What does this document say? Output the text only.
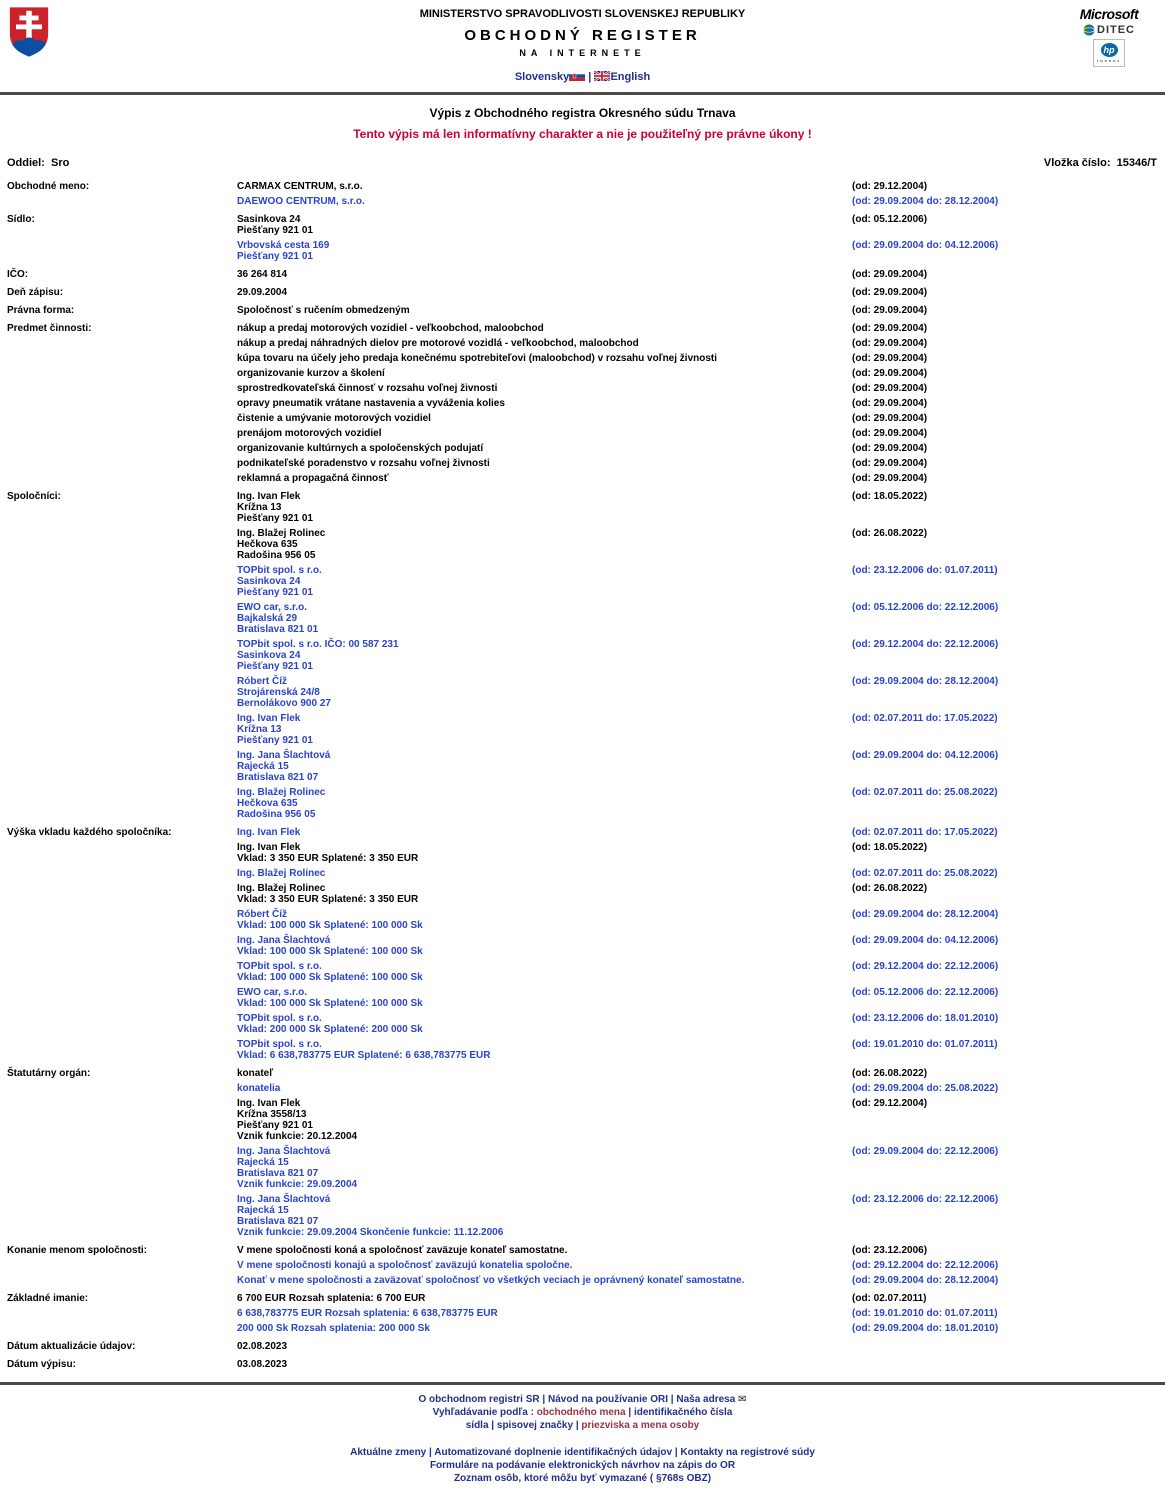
MINISTERSTVO SPRAVODLIVOSTI SLOVENSKEJ REPUBLIKY
OBCHODNÝ REGISTER
NA INTERNETE
Slovensky | English
Microsoft
DITEC
hp
invent
Výpis z Obchodného registra Okresného súdu Trnava
Tento výpis má len informatívny charakter a nie je použiteľný pre právne úkony !
Oddiel: Sro	Vložka číslo: 15346/T
Obchodné meno:	CARMAX CENTRUM, s.r.o.	(od: 29.12.2004)
DAEWOO CENTRUM, s.r.o.	(od: 29.09.2004 do: 28.12.2004)
Sídlo:	Sasinkova 24
Piešťany 921 01
(od: 05.12.2006)
Vrbovská cesta 169
Piešťany 921 01
(od: 29.09.2004 do: 04.12.2006)
IČO:	36 264 814	(od: 29.09.2004)
Deň zápisu:	29.09.2004	(od: 29.09.2004)
Právna forma:	Spoločnosť s ručením obmedzeným	(od: 29.09.2004)
Predmet činnosti:	nákup a predaj motorových vozidiel - veľkoobchod, maloobchod	(od: 29.09.2004)
nákup a predaj náhradných dielov pre motorové vozidlá - veľkoobchod, maloobchod	(od: 29.09.2004)
kúpa tovaru na účely jeho predaja konečnému spotrebiteľovi (maloobchod) v rozsahu voľnej živnosti	(od: 29.09.2004)
organizovanie kurzov a školení	(od: 29.09.2004)
sprostredkovateľská činnosť v rozsahu voľnej živnosti	(od: 29.09.2004)
opravy pneumatik vrátane nastavenia a vyváženia kolies	(od: 29.09.2004)
čistenie a umývanie motorových vozidiel	(od: 29.09.2004)
prenájom motorových vozidiel	(od: 29.09.2004)
organizovanie kultúrnych a spoločenských podujatí	(od: 29.09.2004)
podnikateľské poradenstvo v rozsahu voľnej živnosti	(od: 29.09.2004)
reklamná a propagačná činnosť	(od: 29.09.2004)
Spoločníci:	Ing. Ivan Flek
Krížna 13
Piešťany 921 01
(od: 18.05.2022)
Ing. Blažej Rolinec
Hečkova 635
Radošina 956 05
(od: 26.08.2022)
TOPbit spol. s r.o.
Sasinkova 24
Piešťany 921 01
(od: 23.12.2006 do: 01.07.2011)
EWO car, s.r.o.
Bajkalská 29
Bratislava 821 01
(od: 05.12.2006 do: 22.12.2006)
TOPbit spol. s r.o. IČO: 00 587 231
Sasinkova 24
Piešťany 921 01
(od: 29.12.2004 do: 22.12.2006)
Róbert Číž
Strojárenská 24/8
Bernolákovo 900 27
(od: 29.09.2004 do: 28.12.2004)
Ing. Ivan Flek
Krížna 13
Piešťany 921 01
(od: 02.07.2011 do: 17.05.2022)
Ing. Jana Šlachtová
Rajecká 15
Bratislava 821 07
(od: 29.09.2004 do: 04.12.2006)
Ing. Blažej Rolinec
Hečkova 635
Radošina 956 05
(od: 02.07.2011 do: 25.08.2022)
Výška vkladu každého spoločníka:	Ing. Ivan Flek	(od: 02.07.2011 do: 17.05.2022)
Ing. Ivan Flek
Vklad: 3 350 EUR Splatené: 3 350 EUR
(od: 18.05.2022)
Ing. Blažej Rolinec	(od: 02.07.2011 do: 25.08.2022)
Ing. Blažej Rolinec
Vklad: 3 350 EUR Splatené: 3 350 EUR
(od: 26.08.2022)
Róbert Číž
Vklad: 100 000 Sk Splatené: 100 000 Sk
(od: 29.09.2004 do: 28.12.2004)
Ing. Jana Šlachtová
Vklad: 100 000 Sk Splatené: 100 000 Sk
(od: 29.09.2004 do: 04.12.2006)
TOPbit spol. s r.o.
Vklad: 100 000 Sk Splatené: 100 000 Sk
(od: 29.12.2004 do: 22.12.2006)
EWO car, s.r.o.
Vklad: 100 000 Sk Splatené: 100 000 Sk
(od: 05.12.2006 do: 22.12.2006)
TOPbit spol. s r.o.
Vklad: 200 000 Sk Splatené: 200 000 Sk
(od: 23.12.2006 do: 18.01.2010)
TOPbit spol. s r.o.
Vklad: 6 638,783775 EUR Splatené: 6 638,783775 EUR
(od: 19.01.2010 do: 01.07.2011)
Štatutárny orgán:	konateľ	(od: 26.08.2022)
konatelia	(od: 29.09.2004 do: 25.08.2022)
Ing. Ivan Flek
Krížna 3558/13
Piešťany 921 01
Vznik funkcie: 20.12.2004
(od: 29.12.2004)
Ing. Jana Šlachtová
Rajecká 15
Bratislava 821 07
Vznik funkcie: 29.09.2004
(od: 29.09.2004 do: 22.12.2006)
Ing. Jana Šlachtová
Rajecká 15
Bratislava 821 07
Vznik funkcie: 29.09.2004 Skončenie funkcie: 11.12.2006
(od: 23.12.2006 do: 22.12.2006)
Konanie menom spoločnosti:	V mene spoločnosti koná a spoločnosť zaväzuje konateľ samostatne.	(od: 23.12.2006)
V mene spoločnosti konajú a spoločnosť zaväzujú konatelia spoločne.	(od: 29.12.2004 do: 22.12.2006)
Konať v mene spoločnosti a zaväzovať spoločnosť vo všetkých veciach je oprávnený konateľ samostatne.	(od: 29.09.2004 do: 28.12.2004)
Základné imanie:	6 700 EUR Rozsah splatenia: 6 700 EUR	(od: 02.07.2011)
6 638,783775 EUR Rozsah splatenia: 6 638,783775 EUR	(od: 19.01.2010 do: 01.07.2011)
200 000 Sk Rozsah splatenia: 200 000 Sk	(od: 29.09.2004 do: 18.01.2010)
Dátum aktualizácie údajov:	02.08.2023
Dátum výpisu:	03.08.2023
O obchodnom registri SR | Návod na používanie ORI | Naša adresa ✉
Vyhľadávanie podľa : obchodného mena | identifikačného čísla
sídla | spisovej značky | priezviska a mena osoby
Aktuálne zmeny | Automatizované doplnenie identifikačných údajov | Kontakty na registrové súdy
Formuláre na podávanie elektronických návrhov na zápis do OR
Zoznam osôb, ktoré môžu byť vymazané ( §768s OBZ)
